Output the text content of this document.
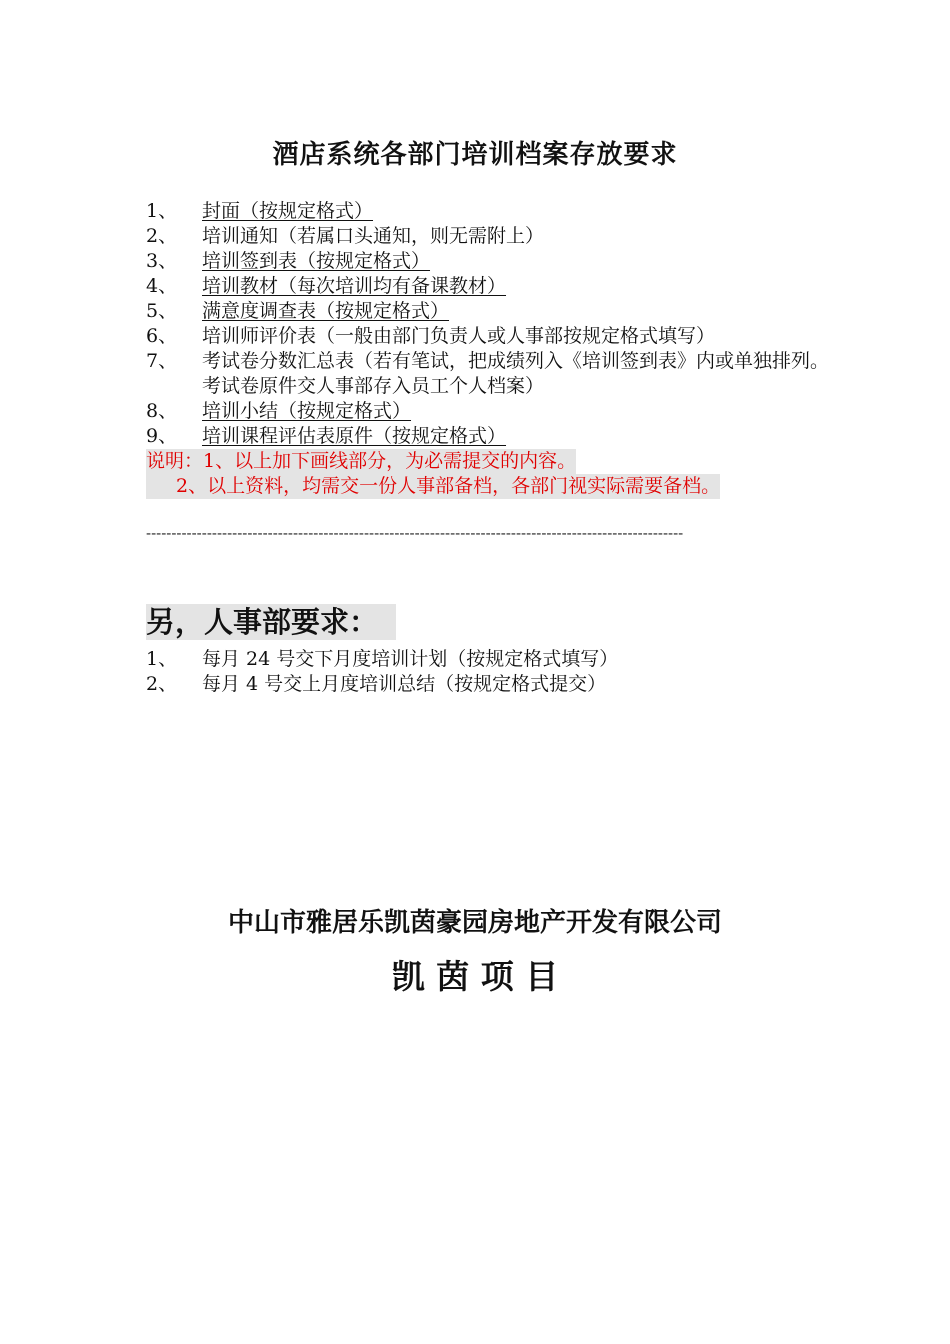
酒店系统各部门培训档案存放要求
1、	封面（按规定格式）
2、	培训通知（若属口头通知，则无需附上）
3、	培训签到表（按规定格式）
4、	培训教材（每次培训均有备课教材）
5、	满意度调查表（按规定格式）
6、	培训师评价表（一般由部门负责人或人事部按规定格式填写）
7、	考试卷分数汇总表（若有笔试，把成绩列入《培训签到表》内或单独排列。考试卷原件交人事部存入员工个人档案）
8、	培训小结（按规定格式）
9、	培训课程评估表原件（按规定格式）
说明：1、以上加下画线部分，为必需提交的内容。
2、以上资料，均需交一份人事部备档，各部门视实际需要备档。
----------------------------------------------------------------------------------------------------------
另，人事部要求：
1、	每月 24 号交下月度培训计划（按规定格式填写）
2、	每月 4 号交上月度培训总结（按规定格式提交）
中山市雅居乐凯茵豪园房地产开发有限公司
凯 茵 项 目
